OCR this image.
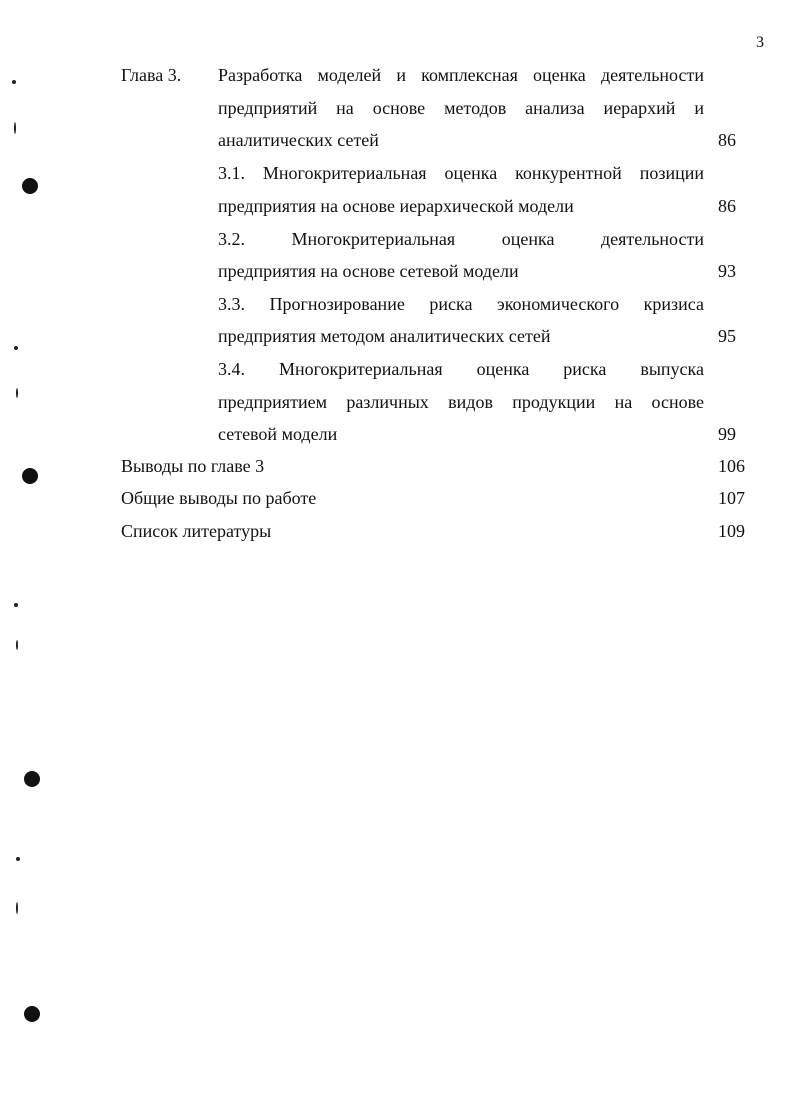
3
Глава 3. Разработка моделей и комплексная оценка деятельности
предприятий на основе методов анализа иерархий и
аналитических сетей	86
3.1. Многокритериальная оценка конкурентной позиции
предприятия на основе иерархической модели	86
3.2. Многокритериальная оценка деятельности
предприятия на основе сетевой модели	93
3.3. Прогнозирование риска экономического кризиса
предприятия методом аналитических сетей	95
3.4. Многокритериальная оценка риска выпуска
предприятием различных видов продукции на основе
сетевой модели	99
Выводы по главе 3	106
Общие выводы по работе	107
Список литературы	109
